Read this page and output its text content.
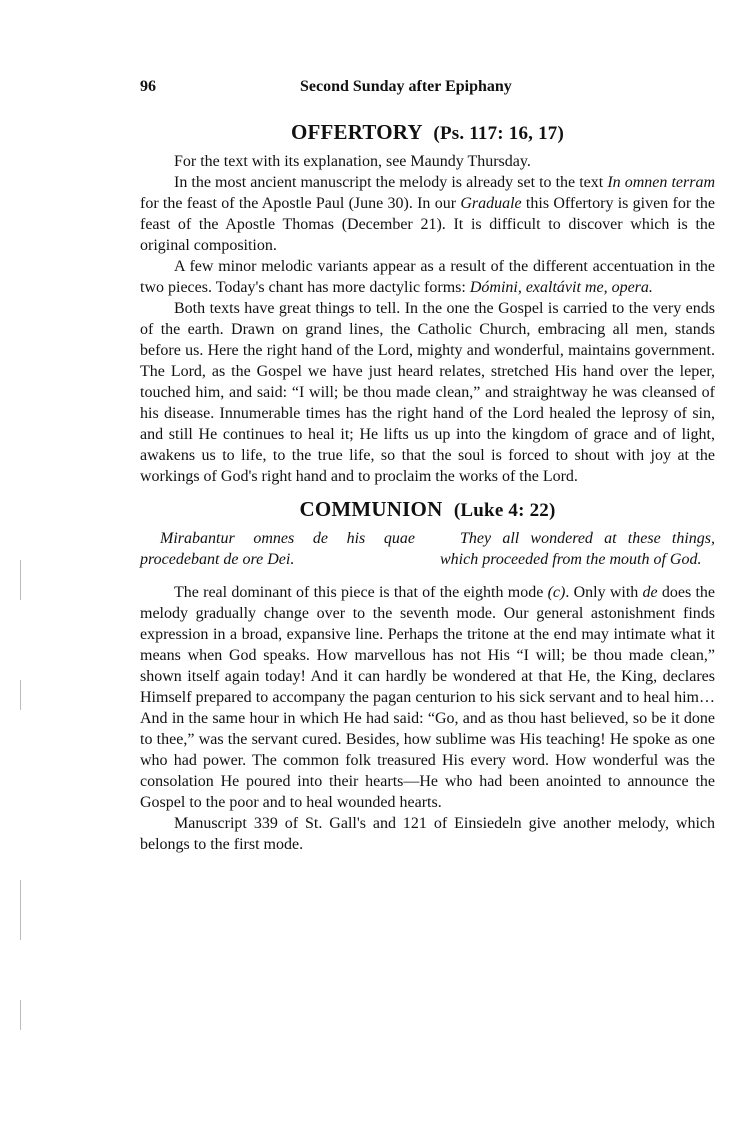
96	Second Sunday after Epiphany
OFFERTORY (Ps. 117: 16, 17)

For the text with its explanation, see Maundy Thursday.

In the most ancient manuscript the melody is already set to the text In omnen terram for the feast of the Apostle Paul (June 30). In our Graduale this Offertory is given for the feast of the Apostle Thomas (December 21). It is difficult to discover which is the original composition.

A few minor melodic variants appear as a result of the different accentuation in the two pieces. Today's chant has more dactylic forms: Dómini, exaltávit me, opera.

Both texts have great things to tell. In the one the Gospel is carried to the very ends of the earth. Drawn on grand lines, the Catholic Church, embracing all men, stands before us. Here the right hand of the Lord, mighty and wonderful, maintains government. The Lord, as the Gospel we have just heard relates, stretched His hand over the leper, touched him, and said: “I will; be thou made clean,” and straightway he was cleansed of his disease. Innumerable times has the right hand of the Lord healed the leprosy of sin, and still He continues to heal it; He lifts us up into the kingdom of grace and of light, awakens us to life, to the true life, so that the soul is forced to shout with joy at the workings of God's right hand and to proclaim the works of the Lord.

COMMUNION (Luke 4: 22)
Mirabantur omnes de his quae procedebant de ore Dei.
They all wondered at these things, which proceeded from the mouth of God.

The real dominant of this piece is that of the eighth mode (c). Only with de does the melody gradually change over to the seventh mode. Our general astonishment finds expression in a broad, expansive line. Perhaps the tritone at the end may intimate what it means when God speaks. How marvellous has not His “I will; be thou made clean,” shown itself again today! And it can hardly be wondered at that He, the King, declares Himself prepared to accompany the pagan centurion to his sick servant and to heal him… And in the same hour in which He had said: “Go, and as thou hast believed, so be it done to thee,” was the servant cured. Besides, how sublime was His teaching! He spoke as one who had power. The common folk treasured His every word. How wonderful was the consolation He poured into their hearts—He who had been anointed to announce the Gospel to the poor and to heal wounded hearts.

Manuscript 339 of St. Gall's and 121 of Einsiedeln give another melody, which belongs to the first mode.
